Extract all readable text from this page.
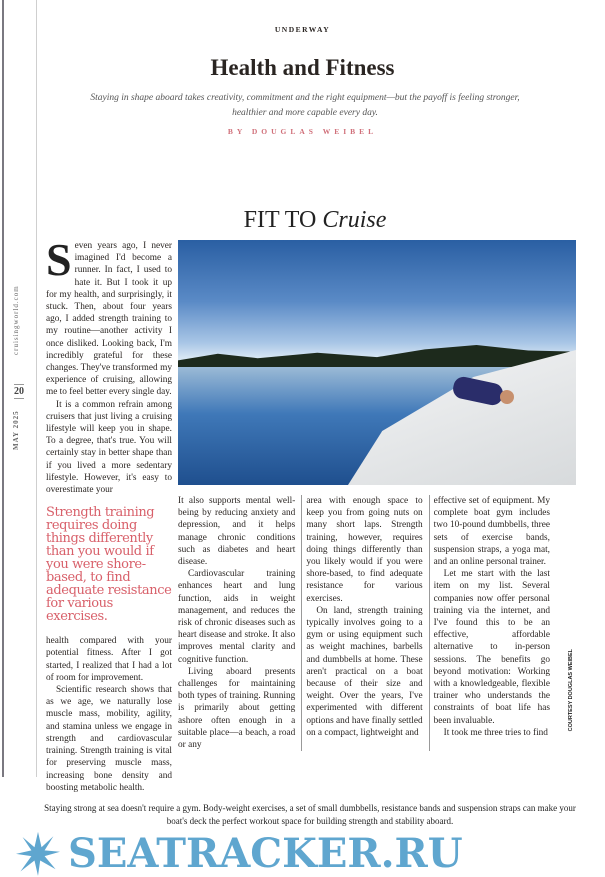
UNDERWAY
Health and Fitness
Staying in shape aboard takes creativity, commitment and the right equipment—but the payoff is feeling stronger, healthier and more capable every day.
BY DOUGLAS WEIBEL
cruisingworld.com
20
MAY 2025
FIT TO Cruise

Seven years ago, I never imagined I'd become a runner. In fact, I used to hate it. But I took it up for my health, and surprisingly, it stuck. Then, about four years ago, I added strength training to my routine—another activity I once disliked. Looking back, I'm incredibly grateful for these changes. They've transformed my experience of cruising, allowing me to feel better every single day.

It is a common refrain among cruisers that just living a cruising lifestyle will keep you in shape. To a degree, that's true. You will certainly stay in better shape than if you lived a more sedentary lifestyle. However, it's easy to overestimate your

Strength training requires doing things differently than you would if you were shore-based, to find adequate resistance for various exercises.

health compared with your potential fitness. After I got started, I realized that I had a lot of room for improvement.

Scientific research shows that as we age, we naturally lose muscle mass, mobility, agility, and stamina unless we engage in strength and cardiovascular training. Strength training is vital for preserving muscle mass, increasing bone density and boosting metabolic health.

It also supports mental well-being by reducing anxiety and depression, and it helps manage chronic conditions such as diabetes and heart disease.

Cardiovascular training enhances heart and lung function, aids in weight management, and reduces the risk of chronic diseases such as heart disease and stroke. It also improves mental clarity and cognitive function.

Living aboard presents challenges for maintaining both types of training. Running is primarily about getting ashore often enough in a suitable place—a beach, a road or any

area with enough space to keep you from going nuts on many short laps. Strength training, however, requires doing things differently than you likely would if you were shore-based, to find adequate resistance for various exercises.

On land, strength training typically involves going to a gym or using equipment such as weight machines, barbells and dumbbells at home. These aren't practical on a boat because of their size and weight. Over the years, I've experimented with different options and have finally settled on a compact, lightweight and

effective set of equipment. My complete boat gym includes two 10-pound dumbbells, three sets of exercise bands, suspension straps, a yoga mat, and an online personal trainer.

Let me start with the last item on my list. Several companies now offer personal training via the internet, and I've found this to be an effective, affordable alternative to in-person sessions. The benefits go beyond motivation: Working with a knowledgeable, flexible trainer who understands the constraints of boat life has been invaluable.

It took me three tries to find

COURTESY DOUGLAS WEIBEL
Staying strong at sea doesn't require a gym. Body-weight exercises, a set of small dumbbells, resistance bands and suspension straps can make your boat's deck the perfect workout space for building strength and stability aboard.
SEATRACKER.RU
